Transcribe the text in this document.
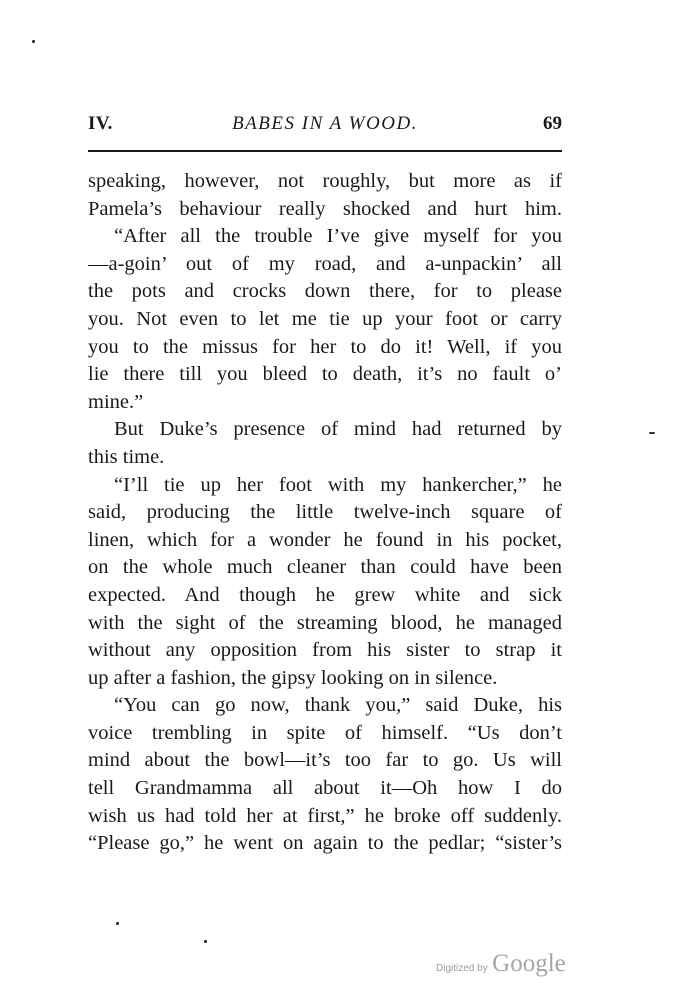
IV.	BABES IN A WOOD.	69
speaking, however, not roughly, but more as if
Pamela’s behaviour really shocked and hurt him.
“After all the trouble I’ve give myself for you
—a-goin’ out of my road, and a-unpackin’ all
the pots and crocks down there, for to please
you. Not even to let me tie up your foot or carry
you to the missus for her to do it! Well, if you
lie there till you bleed to death, it’s no fault o’
mine.”
But Duke’s presence of mind had returned by
this time.
“I’ll tie up her foot with my hankercher,” he
said, producing the little twelve-inch square of
linen, which for a wonder he found in his pocket,
on the whole much cleaner than could have been
expected. And though he grew white and sick
with the sight of the streaming blood, he managed
without any opposition from his sister to strap it
up after a fashion, the gipsy looking on in silence.
“You can go now, thank you,” said Duke, his
voice trembling in spite of himself. “Us don’t
mind about the bowl—it’s too far to go. Us will
tell Grandmamma all about it—Oh how I do
wish us had told her at first,” he broke off suddenly.
“Please go,” he went on again to the pedlar; “sister’s
Digitized by Google
